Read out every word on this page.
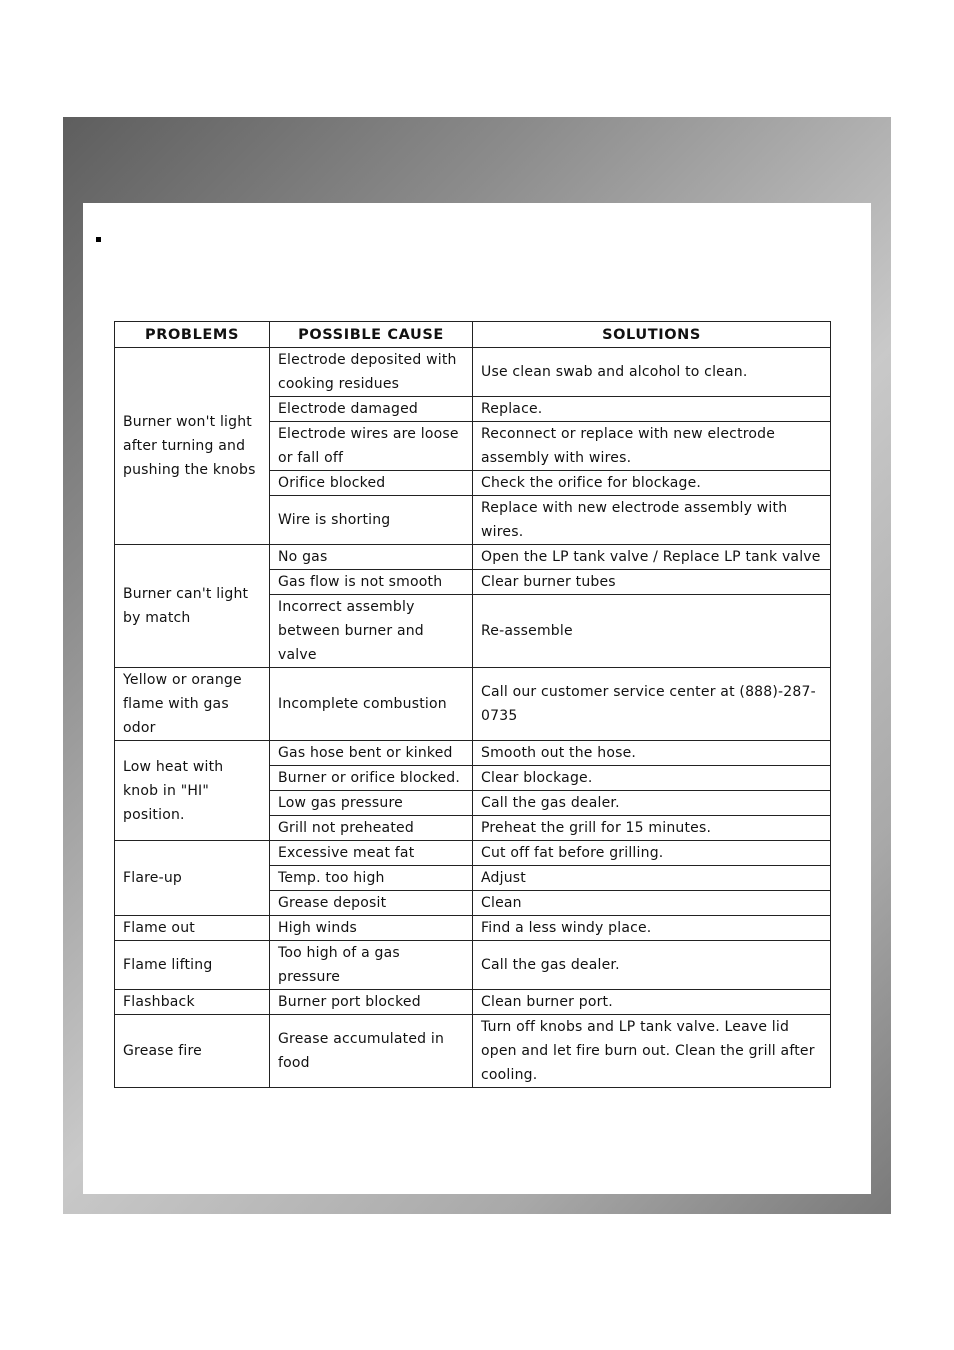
PROBLEMS	POSSIBLE CAUSE	SOLUTIONS
Burner won't light after turning and pushing the knobs	Electrode deposited with cooking residues	Use clean swab and alcohol to clean.
	Electrode damaged	Replace.
	Electrode wires are loose or fall off	Reconnect or replace with new electrode assembly with wires.
	Orifice blocked	Check the orifice for blockage.
	Wire is shorting	Replace with new electrode assembly with wires.
Burner can't light by match	No gas	Open the LP tank valve / Replace LP tank valve
	Gas flow is not smooth	Clear burner tubes
	Incorrect assembly between burner and valve	Re-assemble
Yellow or orange flame with gas odor	Incomplete combustion	Call our customer service center at (888)-287-0735
Low heat with knob in "HI" position.	Gas hose bent or kinked	Smooth out the hose.
	Burner or orifice blocked.	Clear blockage.
	Low gas pressure	Call the gas dealer.
	Grill not preheated	Preheat the grill for 15 minutes.
Flare-up	Excessive meat fat	Cut off fat before grilling.
	Temp. too high	Adjust
	Grease deposit	Clean
Flame out	High winds	Find a less windy place.
Flame lifting	Too high of a gas pressure	Call the gas dealer.
Flashback	Burner port blocked	Clean burner port.
Grease fire	Grease accumulated in food	Turn off knobs and LP tank valve. Leave lid open and let fire burn out. Clean the grill after cooling.
